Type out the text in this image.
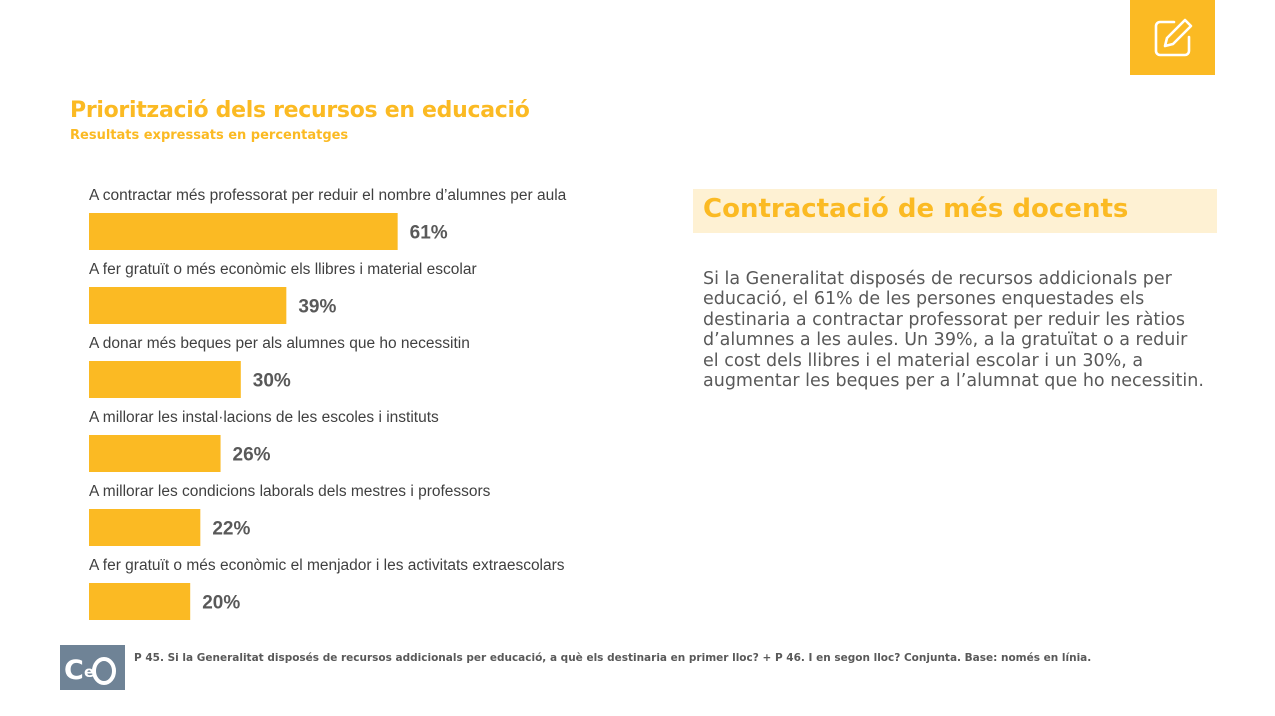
Priorització dels recursos en educació

Resultats expressats en percentatges

A contractar més professorat per reduir el nombre d’alumnes per aula
61%
A fer gratuït o més econòmic els llibres i material escolar
39%
A donar més beques per als alumnes que ho necessitin
30%
A millorar les instal·lacions de les escoles i instituts
26%
A millorar les condicions laborals dels mestres i professors
22%
A fer gratuït o més econòmic el menjador i les activitats extraescolars
20%

Contractació de més docents

Si la Generalitat disposés de recursos addicionals per educació, el 61% de les persones enquestades els destinaria a contractar professorat per reduir les ràtios d’alumnes a les aules. Un 39%, a la gratuïtat o a reduir el cost dels llibres i el material escolar i un 30%, a augmentar les beques per a l’alumnat que ho necessitin.

C e

P 45. Si la Generalitat disposés de recursos addicionals per educació, a què els destinaria en primer lloc? + P 46. I en segon lloc? Conjunta. Base: només en línia.
